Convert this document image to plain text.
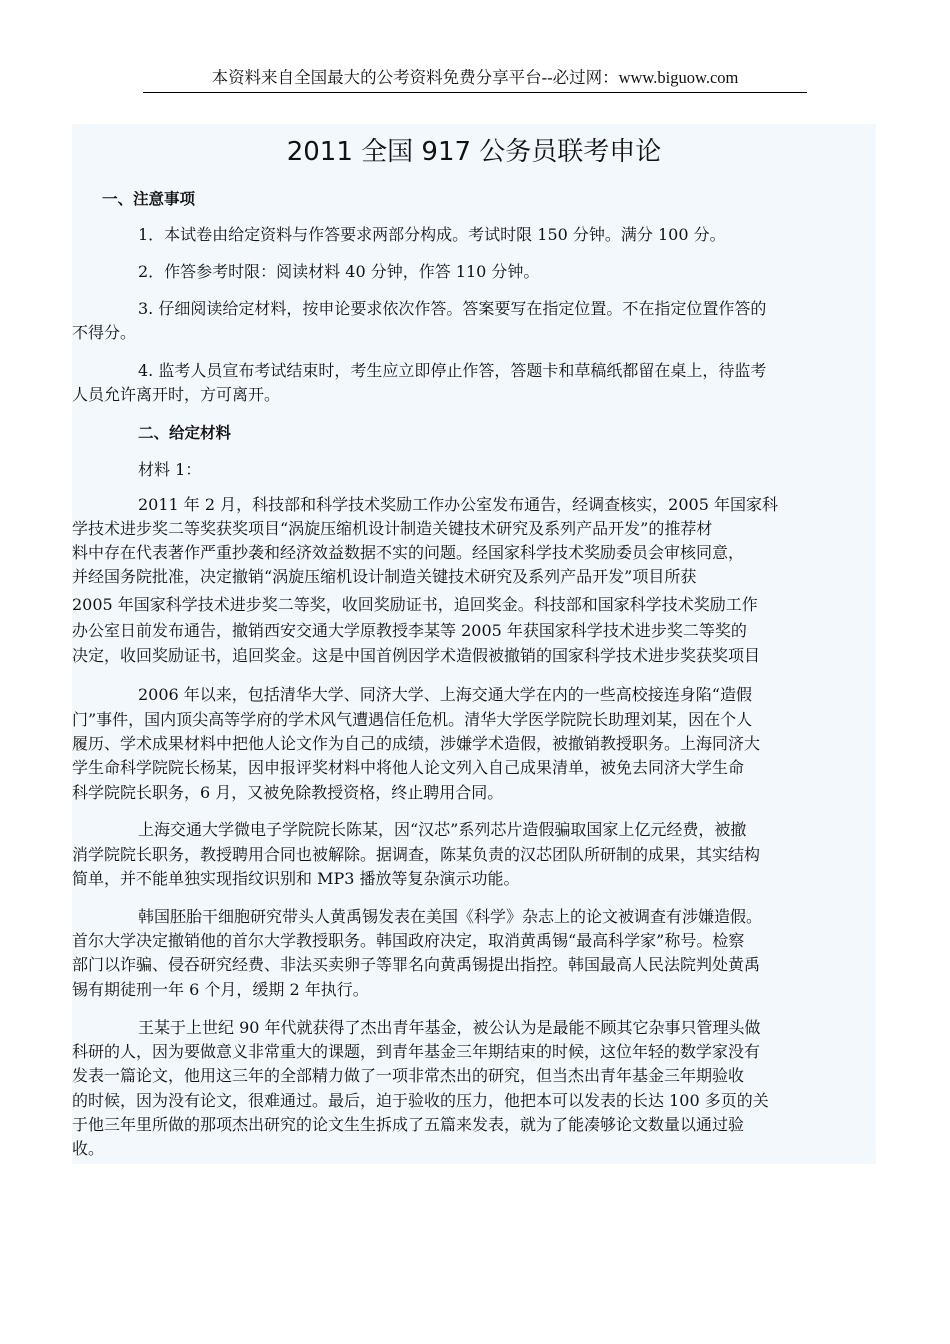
本资料来自全国最大的公考资料免费分享平台--必过网：www.biguow.com
2011 全国 917 公务员联考申论
一、注意事项
1．本试卷由给定资料与作答要求两部分构成。考试时限 150 分钟。满分 100 分。
2．作答参考时限：阅读材料 40 分钟，作答 110 分钟。
3. 仔细阅读给定材料，按申论要求依次作答。答案要写在指定位置。不在指定位置作答的
不得分。
4. 监考人员宣布考试结束时，考生应立即停止作答，答题卡和草稿纸都留在桌上，待监考
人员允许离开时，方可离开。
二、给定材料
材料 1：
2011 年 2 月，科技部和科学技术奖励工作办公室发布通告，经调查核实，2005 年国家科
学技术进步奖二等奖获奖项目“涡旋压缩机设计制造关键技术研究及系列产品开发”的推荐材
料中存在代表著作严重抄袭和经济效益数据不实的问题。经国家科学技术奖励委员会审核同意，
并经国务院批准，决定撤销“涡旋压缩机设计制造关键技术研究及系列产品开发”项目所获
2005 年国家科学技术进步奖二等奖，收回奖励证书，追回奖金。科技部和国家科学技术奖励工作
办公室日前发布通告，撤销西安交通大学原教授李某等 2005 年获国家科学技术进步奖二等奖的
决定，收回奖励证书，追回奖金。这是中国首例因学术造假被撤销的国家科学技术进步奖获奖项目
2006 年以来，包括清华大学、同济大学、上海交通大学在内的一些高校接连身陷“造假
门”事件，国内顶尖高等学府的学术风气遭遇信任危机。清华大学医学院院长助理刘某，因在个人
履历、学术成果材料中把他人论文作为自己的成绩，涉嫌学术造假，被撤销教授职务。上海同济大
学生命科学院院长杨某，因申报评奖材料中将他人论文列入自己成果清单，被免去同济大学生命
科学院院长职务，6 月，又被免除教授资格，终止聘用合同。
上海交通大学微电子学院院长陈某，因“汉芯”系列芯片造假骗取国家上亿元经费，被撤
消学院院长职务，教授聘用合同也被解除。据调查，陈某负责的汉芯团队所研制的成果，其实结构
简单，并不能单独实现指纹识别和 MP3 播放等复杂演示功能。
韩国胚胎干细胞研究带头人黄禹锡发表在美国《科学》杂志上的论文被调查有涉嫌造假。
首尔大学决定撤销他的首尔大学教授职务。韩国政府决定，取消黄禹锡“最高科学家”称号。检察
部门以诈骗、侵吞研究经费、非法买卖卵子等罪名向黄禹锡提出指控。韩国最高人民法院判处黄禹
锡有期徒刑一年 6 个月，缓期 2 年执行。
王某于上世纪 90 年代就获得了杰出青年基金，被公认为是最能不顾其它杂事只管理头做
科研的人，因为要做意义非常重大的课题，到青年基金三年期结束的时候，这位年轻的数学家没有
发表一篇论文，他用这三年的全部精力做了一项非常杰出的研究，但当杰出青年基金三年期验收
的时候，因为没有论文，很难通过。最后，迫于验收的压力，他把本可以发表的长达 100 多页的关
于他三年里所做的那项杰出研究的论文生生拆成了五篇来发表，就为了能凑够论文数量以通过验
收。
